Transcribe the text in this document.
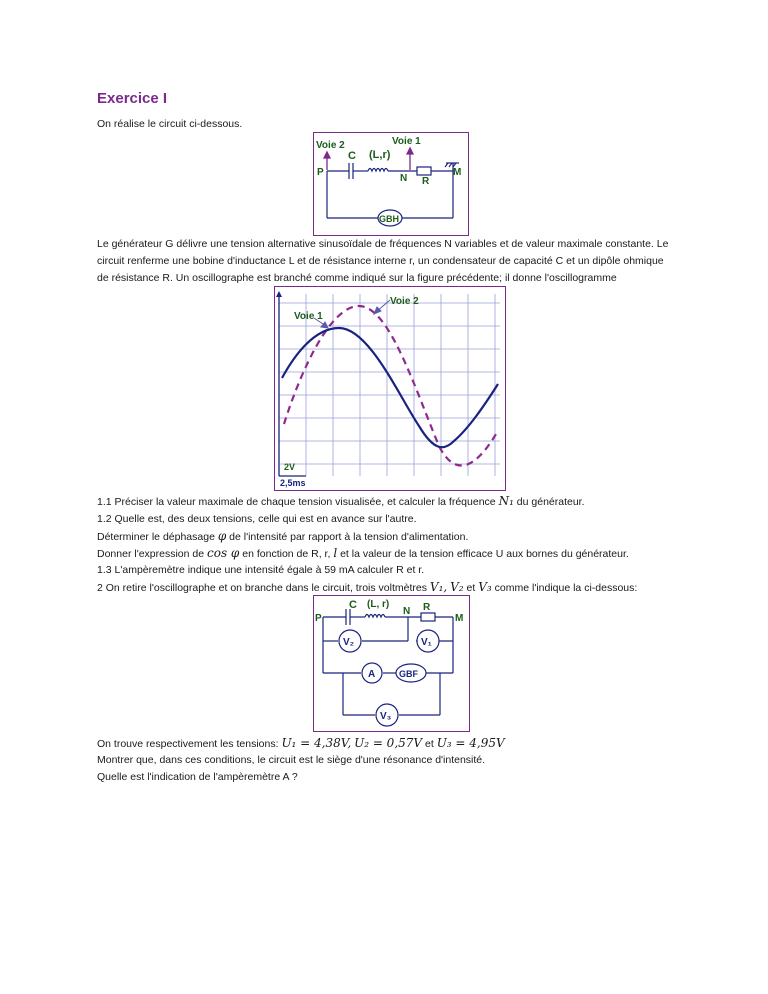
Exercice I
On réalise le circuit ci-dessous.
Voie 2	Voie 1
C (L,r)
P
N R
M
GBH
Le générateur G délivre une tension alternative sinusoïdale de fréquences N variables et de valeur maximale constante. Le circuit renferme une bobine d'inductance L et de résistance interne r, un condensateur de capacité C et un dipôle ohmique de résistance R. Un oscillographe est branché comme indiqué sur la figure précédente; il donne l'oscillogramme
Voie 1
Voie 2
2V
2,5ms
1.1 Préciser la valeur maximale de chaque tension visualisée, et calculer la fréquence N₁ du générateur.
1.2 Quelle est, des deux tensions, celle qui est en avance sur l'autre.
Déterminer le déphasage φ de l'intensité par rapport à la tension d'alimentation.
Donner l'expression de cos φ en fonction de R, r, l et la valeur de la tension efficace U aux bornes du générateur.
1.3 L'ampèremètre indique une intensité égale à 59 mA calculer R et r.
2 On retire l'oscillographe et on branche dans le circuit, trois voltmètres V₁, V₂ et V₃ comme l'indique la ci-dessous:
C (L, r)
N R
P	M
V₂	V₁
A	GBF
V₃
On trouve respectivement les tensions: U₁ = 4,38V, U₂ = 0,57V et U₃ = 4,95V
Montrer que, dans ces conditions, le circuit est le siège d'une résonance d'intensité.
Quelle est l'indication de l'ampèremètre A ?
